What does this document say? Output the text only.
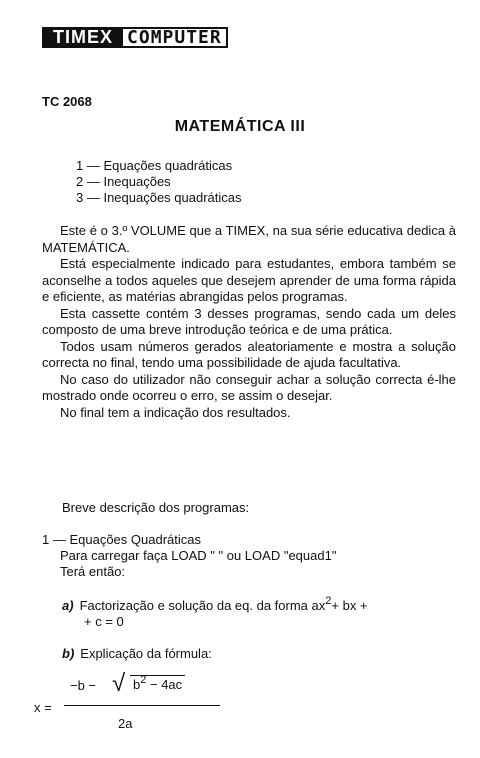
TIMEX COMPUTER
TC 2068
MATEMÁTICA III
1 — Equações quadráticas
2 — Inequações
3 — Inequações quadráticas

Este é o 3.º VOLUME que a TIMEX, na sua série educativa dedica à MATEMÁTICA.

Está especialmente indicado para estudantes, embora também se aconselhe a todos aqueles que desejem aprender de uma forma rápida e eficiente, as matérias abrangidas pelos programas.

Esta cassette contém 3 desses programas, sendo cada um deles composto de uma breve introdução teórica e de uma prática.

Todos usam números gerados aleatoriamente e mostra a solução correcta no final, tendo uma possibilidade de ajuda facultativa.

No caso do utilizador não conseguir achar a solução correcta é-lhe mostrado onde ocorreu o erro, se assim o desejar.

No final tem a indicação dos resultados.

Breve descrição dos programas:
1 — Equações Quadráticas
Para carregar faça LOAD " " ou LOAD "equad1"
Terá então:
a) Factorização e solução da eq. da forma $ax^2+$ bx +
+ c = 0
b) Explicação da fórmula:
x =
−b − √ $b^2 - 4ac$
2a
